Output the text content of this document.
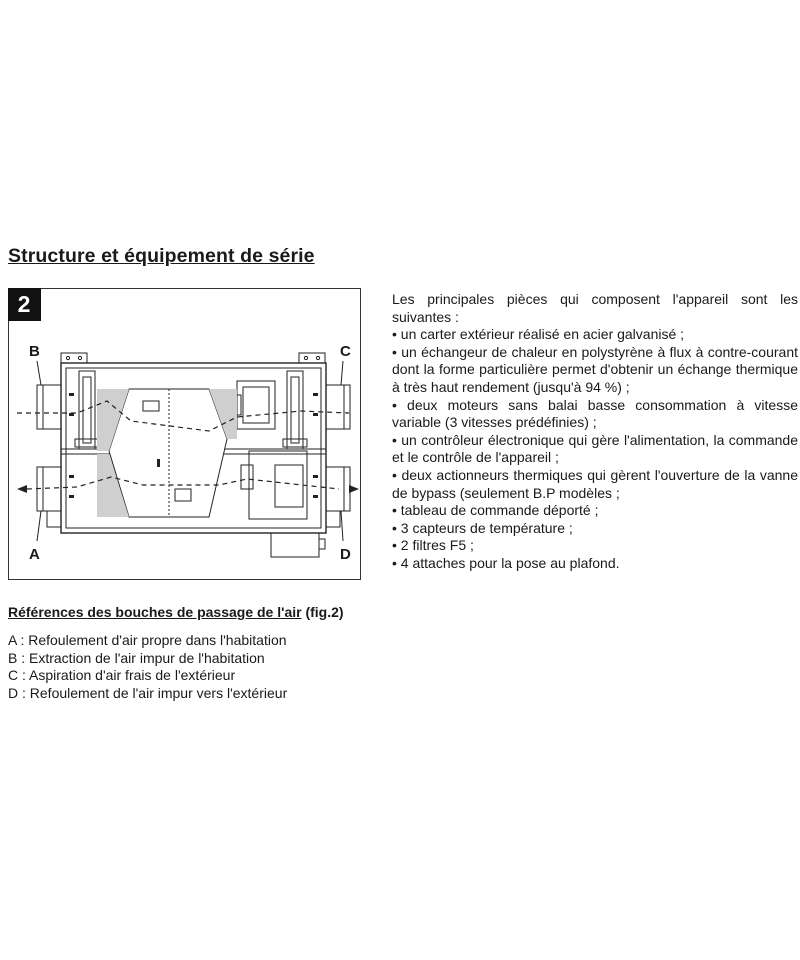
Structure et équipement de série
2
B	C
A	D
Les principales pièces qui composent l'appareil sont les suivantes :
• un carter extérieur réalisé en acier galvanisé ;
• un échangeur de chaleur en polystyrène à flux à contre-courant dont la forme particulière permet d'obtenir un échange thermique à très haut rendement (jusqu'à 94 %) ;
• deux moteurs sans balai basse consommation à vitesse variable (3 vitesses prédéfinies) ;
• un contrôleur électronique qui gère l'alimentation, la commande et le contrôle de l'appareil ;
• deux actionneurs thermiques qui gèrent l'ouverture de la vanne de bypass (seulement B.P modèles ;
• tableau de commande déporté ;
• 3 capteurs de température ;
• 2 filtres F5 ;
• 4 attaches pour la pose au plafond.

Références des bouches de passage de l'air (fig.2)

A : Refoulement d'air propre dans l'habitation
B : Extraction de l'air impur de l'habitation
C : Aspiration d'air frais de l'extérieur
D : Refoulement de l'air impur vers l'extérieur
